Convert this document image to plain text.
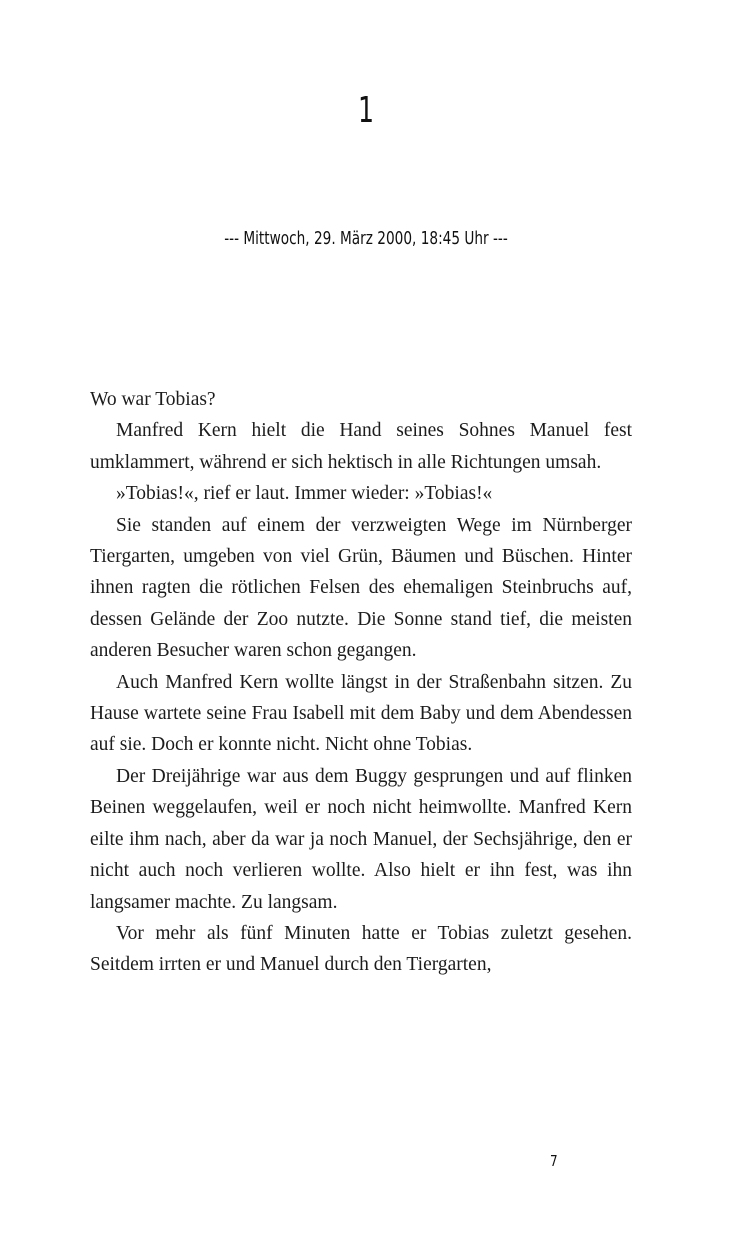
1
--- Mittwoch, 29. März 2000, 18:45 Uhr ---

Wo war Tobias?

Manfred Kern hielt die Hand seines Sohnes Manuel fest umklammert, während er sich hektisch in alle Richtungen umsah.

»Tobias!«, rief er laut. Immer wieder: »Tobias!«

Sie standen auf einem der verzweigten Wege im Nürnberger Tiergarten, umgeben von viel Grün, Bäumen und Büschen. Hinter ihnen ragten die rötlichen Felsen des ehemaligen Steinbruchs auf, dessen Gelände der Zoo nutzte. Die Sonne stand tief, die meisten anderen Besucher waren schon gegangen.

Auch Manfred Kern wollte längst in der Straßenbahn sitzen. Zu Hause wartete seine Frau Isabell mit dem Baby und dem Abendessen auf sie. Doch er konnte nicht. Nicht ohne Tobias.

Der Dreijährige war aus dem Buggy gesprungen und auf flinken Beinen weggelaufen, weil er noch nicht heimwollte. Manfred Kern eilte ihm nach, aber da war ja noch Manuel, der Sechsjährige, den er nicht auch noch verlieren wollte. Also hielt er ihn fest, was ihn langsamer machte. Zu langsam.

Vor mehr als fünf Minuten hatte er Tobias zuletzt gesehen. Seitdem irrten er und Manuel durch den Tiergarten,

7
